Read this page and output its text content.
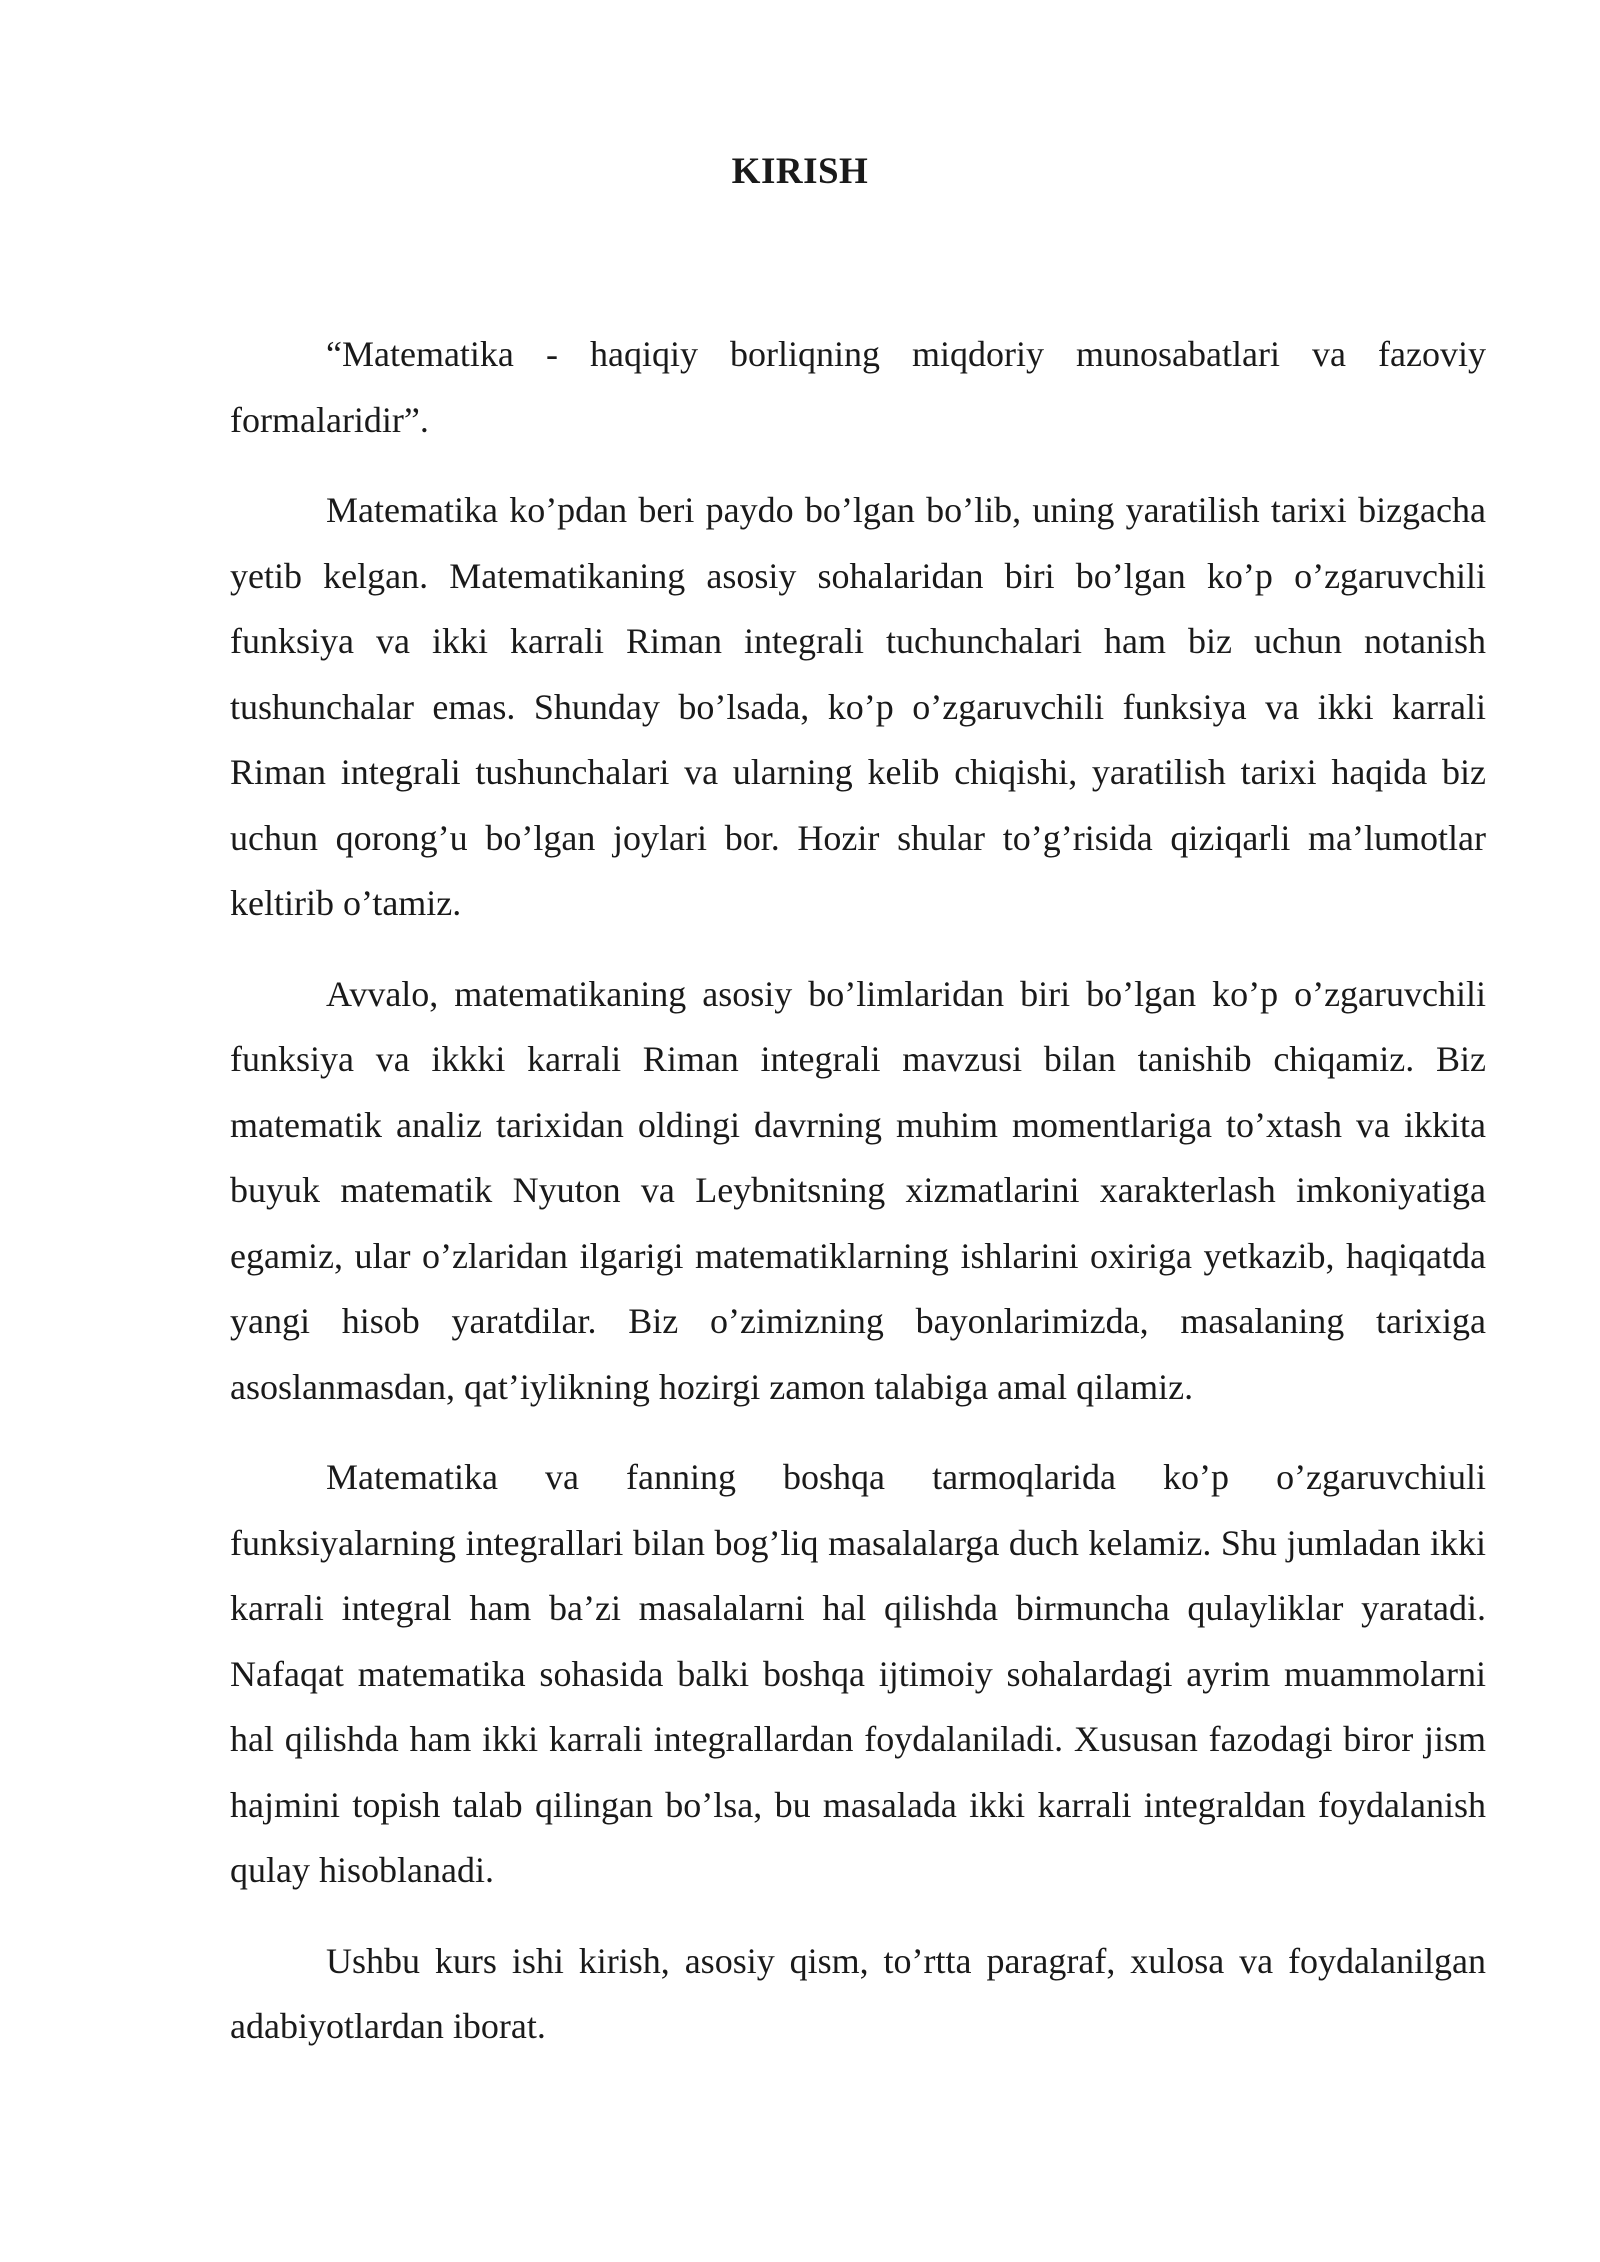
KIRISH

“Matematika - haqiqiy borliqning miqdoriy munosabatlari va fazoviy formalaridir”.

Matematika ko’pdan beri paydo bo’lgan bo’lib, uning yaratilish tarixi bizgacha yetib kelgan. Matematikaning asosiy sohalaridan biri bo’lgan ko’p o’zgaruvchili funksiya va ikki karrali Riman integrali tuchunchalari ham biz uchun notanish tushunchalar emas. Shunday bo’lsada, ko’p o’zgaruvchili funksiya va ikki karrali Riman integrali tushunchalari va ularning kelib chiqishi, yaratilish tarixi haqida biz uchun qorong’u bo’lgan joylari bor. Hozir shular to’g’risida qiziqarli ma’lumotlar keltirib o’tamiz.

Avvalo, matematikaning asosiy bo’limlaridan biri bo’lgan ko’p o’zgaruvchili funksiya va ikkki karrali Riman integrali mavzusi bilan tanishib chiqamiz. Biz matematik analiz tarixidan oldingi davrning muhim momentlariga to’xtash va ikkita buyuk matematik Nyuton va Leybnitsning xizmatlarini xarakterlash imkoniyatiga egamiz, ular o’zlaridan ilgarigi matematiklarning ishlarini oxiriga yetkazib, haqiqatda yangi hisob yaratdilar. Biz o’zimizning bayonlarimizda, masalaning tarixiga asoslanmasdan, qat’iylikning hozirgi zamon talabiga amal qilamiz.

Matematika va fanning boshqa tarmoqlarida ko’p o’zgaruvchiuli funksiyalarning integrallari bilan bog’liq masalalarga duch kelamiz. Shu jumladan ikki karrali integral ham ba’zi masalalarni hal qilishda birmuncha qulayliklar yaratadi. Nafaqat matematika sohasida balki boshqa ijtimoiy sohalardagi ayrim muammolarni hal qilishda ham ikki karrali integrallardan foydalaniladi. Xususan fazodagi biror jism hajmini topish talab qilingan bo’lsa, bu masalada ikki karrali integraldan foydalanish qulay hisoblanadi.

Ushbu kurs ishi kirish, asosiy qism, to’rtta paragraf, xulosa va foydalanilgan adabiyotlardan iborat.
